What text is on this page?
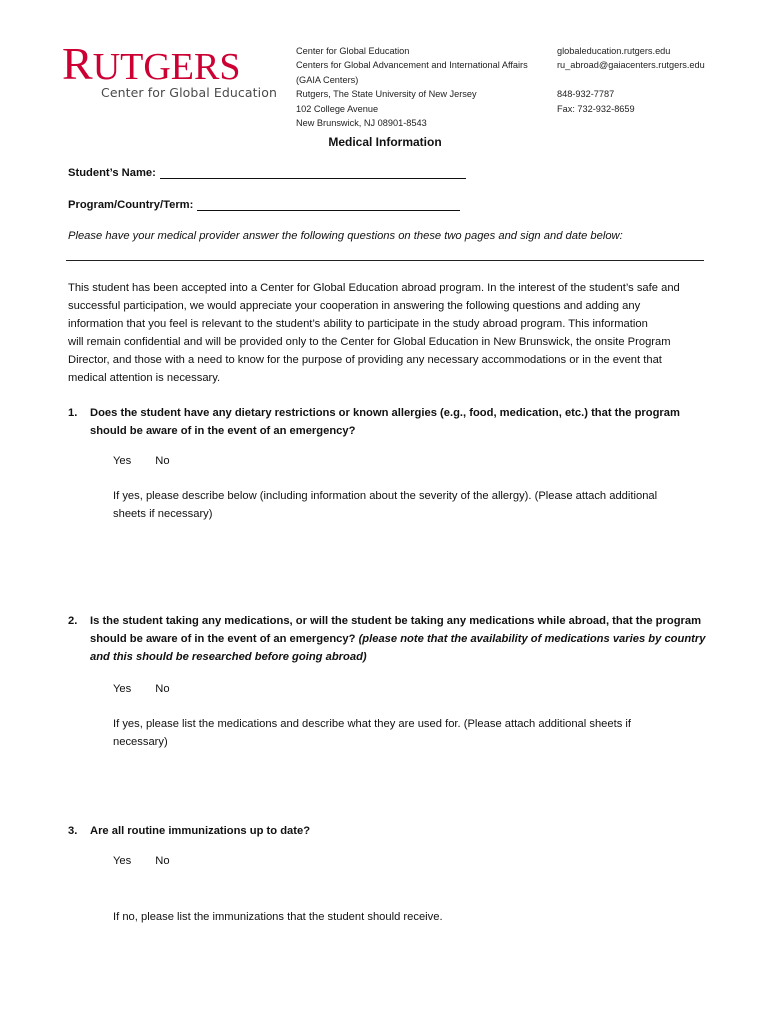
RUTGERS
Center for Global Education
Center for Global Education
Centers for Global Advancement and International Affairs
(GAIA Centers)
Rutgers, The State University of New Jersey
102 College Avenue
New Brunswick, NJ 08901-8543
globaleducation.rutgers.edu
ru_abroad@gaiacenters.rutgers.edu
848-932-7787
Fax: 732-932-8659
Medical Information
Student’s Name:
Program/Country/Term:
Please have your medical provider answer the following questions on these two pages and sign and date below:
This student has been accepted into a Center for Global Education abroad program. In the interest of the student’s safe and
successful participation, we would appreciate your cooperation in answering the following questions and adding any
information that you feel is relevant to the student’s ability to participate in the study abroad program. This information
will remain confidential and will be provided only to the Center for Global Education in New Brunswick, the onsite Program
Director, and those with a need to know for the purpose of providing any necessary accommodations or in the event that
medical attention is necessary.
1. Does the student have any dietary restrictions or known allergies (e.g., food, medication, etc.) that the program
should be aware of in the event of an emergency?
Yes No
If yes, please describe below (including information about the severity of the allergy). (Please attach additional
sheets if necessary)
2. Is the student taking any medications, or will the student be taking any medications while abroad, that the program
should be aware of in the event of an emergency? (please note that the availability of medications varies by country
and this should be researched before going abroad)
Yes No
If yes, please list the medications and describe what they are used for. (Please attach additional sheets if
necessary)
3. Are all routine immunizations up to date?
Yes No
If no, please list the immunizations that the student should receive.
